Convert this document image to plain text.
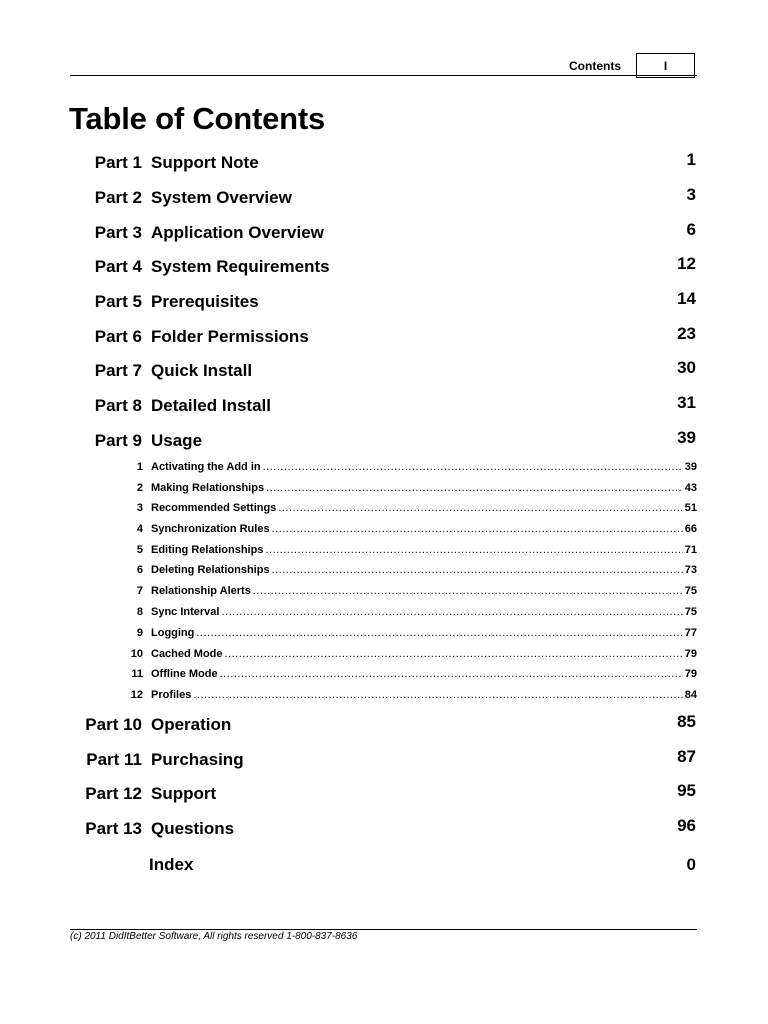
Contents	I
Table of Contents
Part 1 Support Note	1
Part 2 System Overview	3
Part 3 Application Overview	6
Part 4 System Requirements	12
Part 5 Prerequisites	14
Part 6 Folder Permissions	23
Part 7 Quick Install	30
Part 8 Detailed Install	31
Part 9 Usage	39
1 Activating the Add in .....	39
2 Making Relationships .....	43
3 Recommended Settings .....	51
4 Synchronization Rules .....	66
5 Editing Relationships .....	71
6 Deleting Relationships .....	73
7 Relationship Alerts .....	75
8 Sync Interval .....	75
9 Logging .....	77
10 Cached Mode .....	79
11 Offline Mode .....	79
12 Profiles .....	84
Part 10 Operation	85
Part 11 Purchasing	87
Part 12 Support	95
Part 13 Questions	96
Index	0
(c) 2011 DidItBetter Software, All rights reserved 1-800-837-8636
